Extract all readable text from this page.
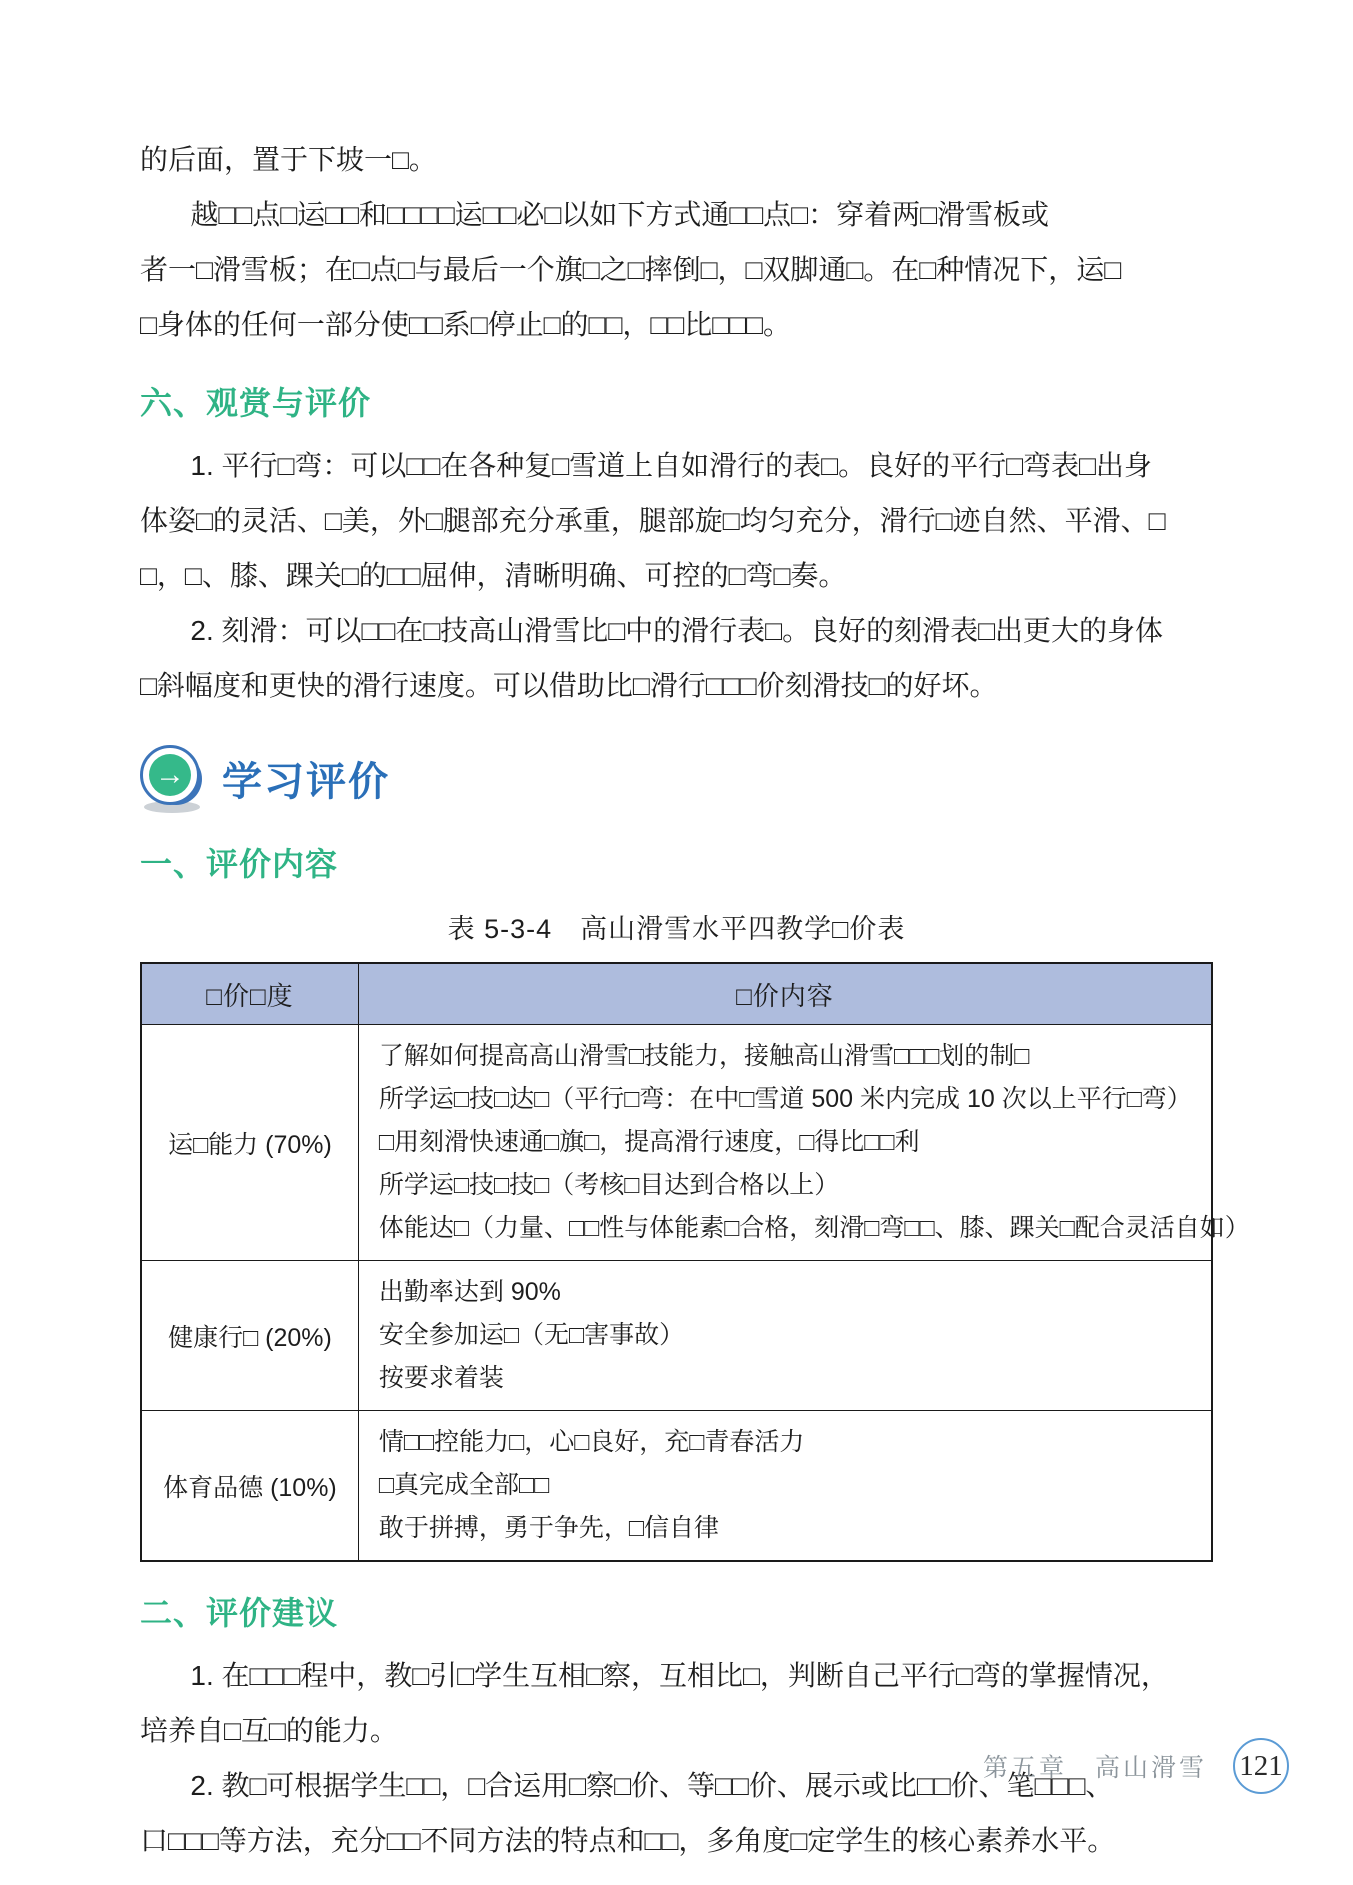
的后面，置于下坡一□。
越□□点□运□□和□□□□运□□必□以如下方式通□□点□：穿着两□滑雪板或
者一□滑雪板；在□点□与最后一个旗□之□摔倒□，□双脚通□。在□种情况下，运□
□身体的任何一部分使□□系□停止□的□□，□□比□□□。
六、观赏与评价
1. 平行□弯：可以□□在各种复□雪道上自如滑行的表□。良好的平行□弯表□出身
体姿□的灵活、□美，外□腿部充分承重，腿部旋□均匀充分，滑行□迹自然、平滑、□
□，□、膝、踝关□的□□屈伸，清晰明确、可控的□弯□奏。
2. 刻滑：可以□□在□技高山滑雪比□中的滑行表□。良好的刻滑表□出更大的身体
□斜幅度和更快的滑行速度。可以借助比□滑行□□□价刻滑技□的好坏。
→ 学习评价
一、评价内容
表 5-3-4　高山滑雪水平四教学□价表
□价□度	□价内容
运□能力 (70%)	了解如何提高高山滑雪□技能力，接触高山滑雪□□□划的制□
所学运□技□达□（平行□弯：在中□雪道 500 米内完成 10 次以上平行□弯）
□用刻滑快速通□旗□，提高滑行速度，□得比□□利
所学运□技□技□（考核□目达到合格以上）
体能达□（力量、□□性与体能素□合格，刻滑□弯□□、膝、踝关□配合灵活自如）

健康行□ (20%)	出勤率达到 90%
安全参加运□（无□害事故）
按要求着装

体育品德 (10%)	情□□控能力□，心□良好，充□青春活力
□真完成全部□□
敢于拼搏，勇于争先，□信自律
二、评价建议
1. 在□□□程中，教□引□学生互相□察，互相比□，判断自己平行□弯的掌握情况，
培养自□互□的能力。
2. 教□可根据学生□□，□合运用□察□价、等□□价、展示或比□□价、笔□□□、
口□□□等方法，充分□□不同方法的特点和□□，多角度□定学生的核心素养水平。
第五章　高山滑雪 121
